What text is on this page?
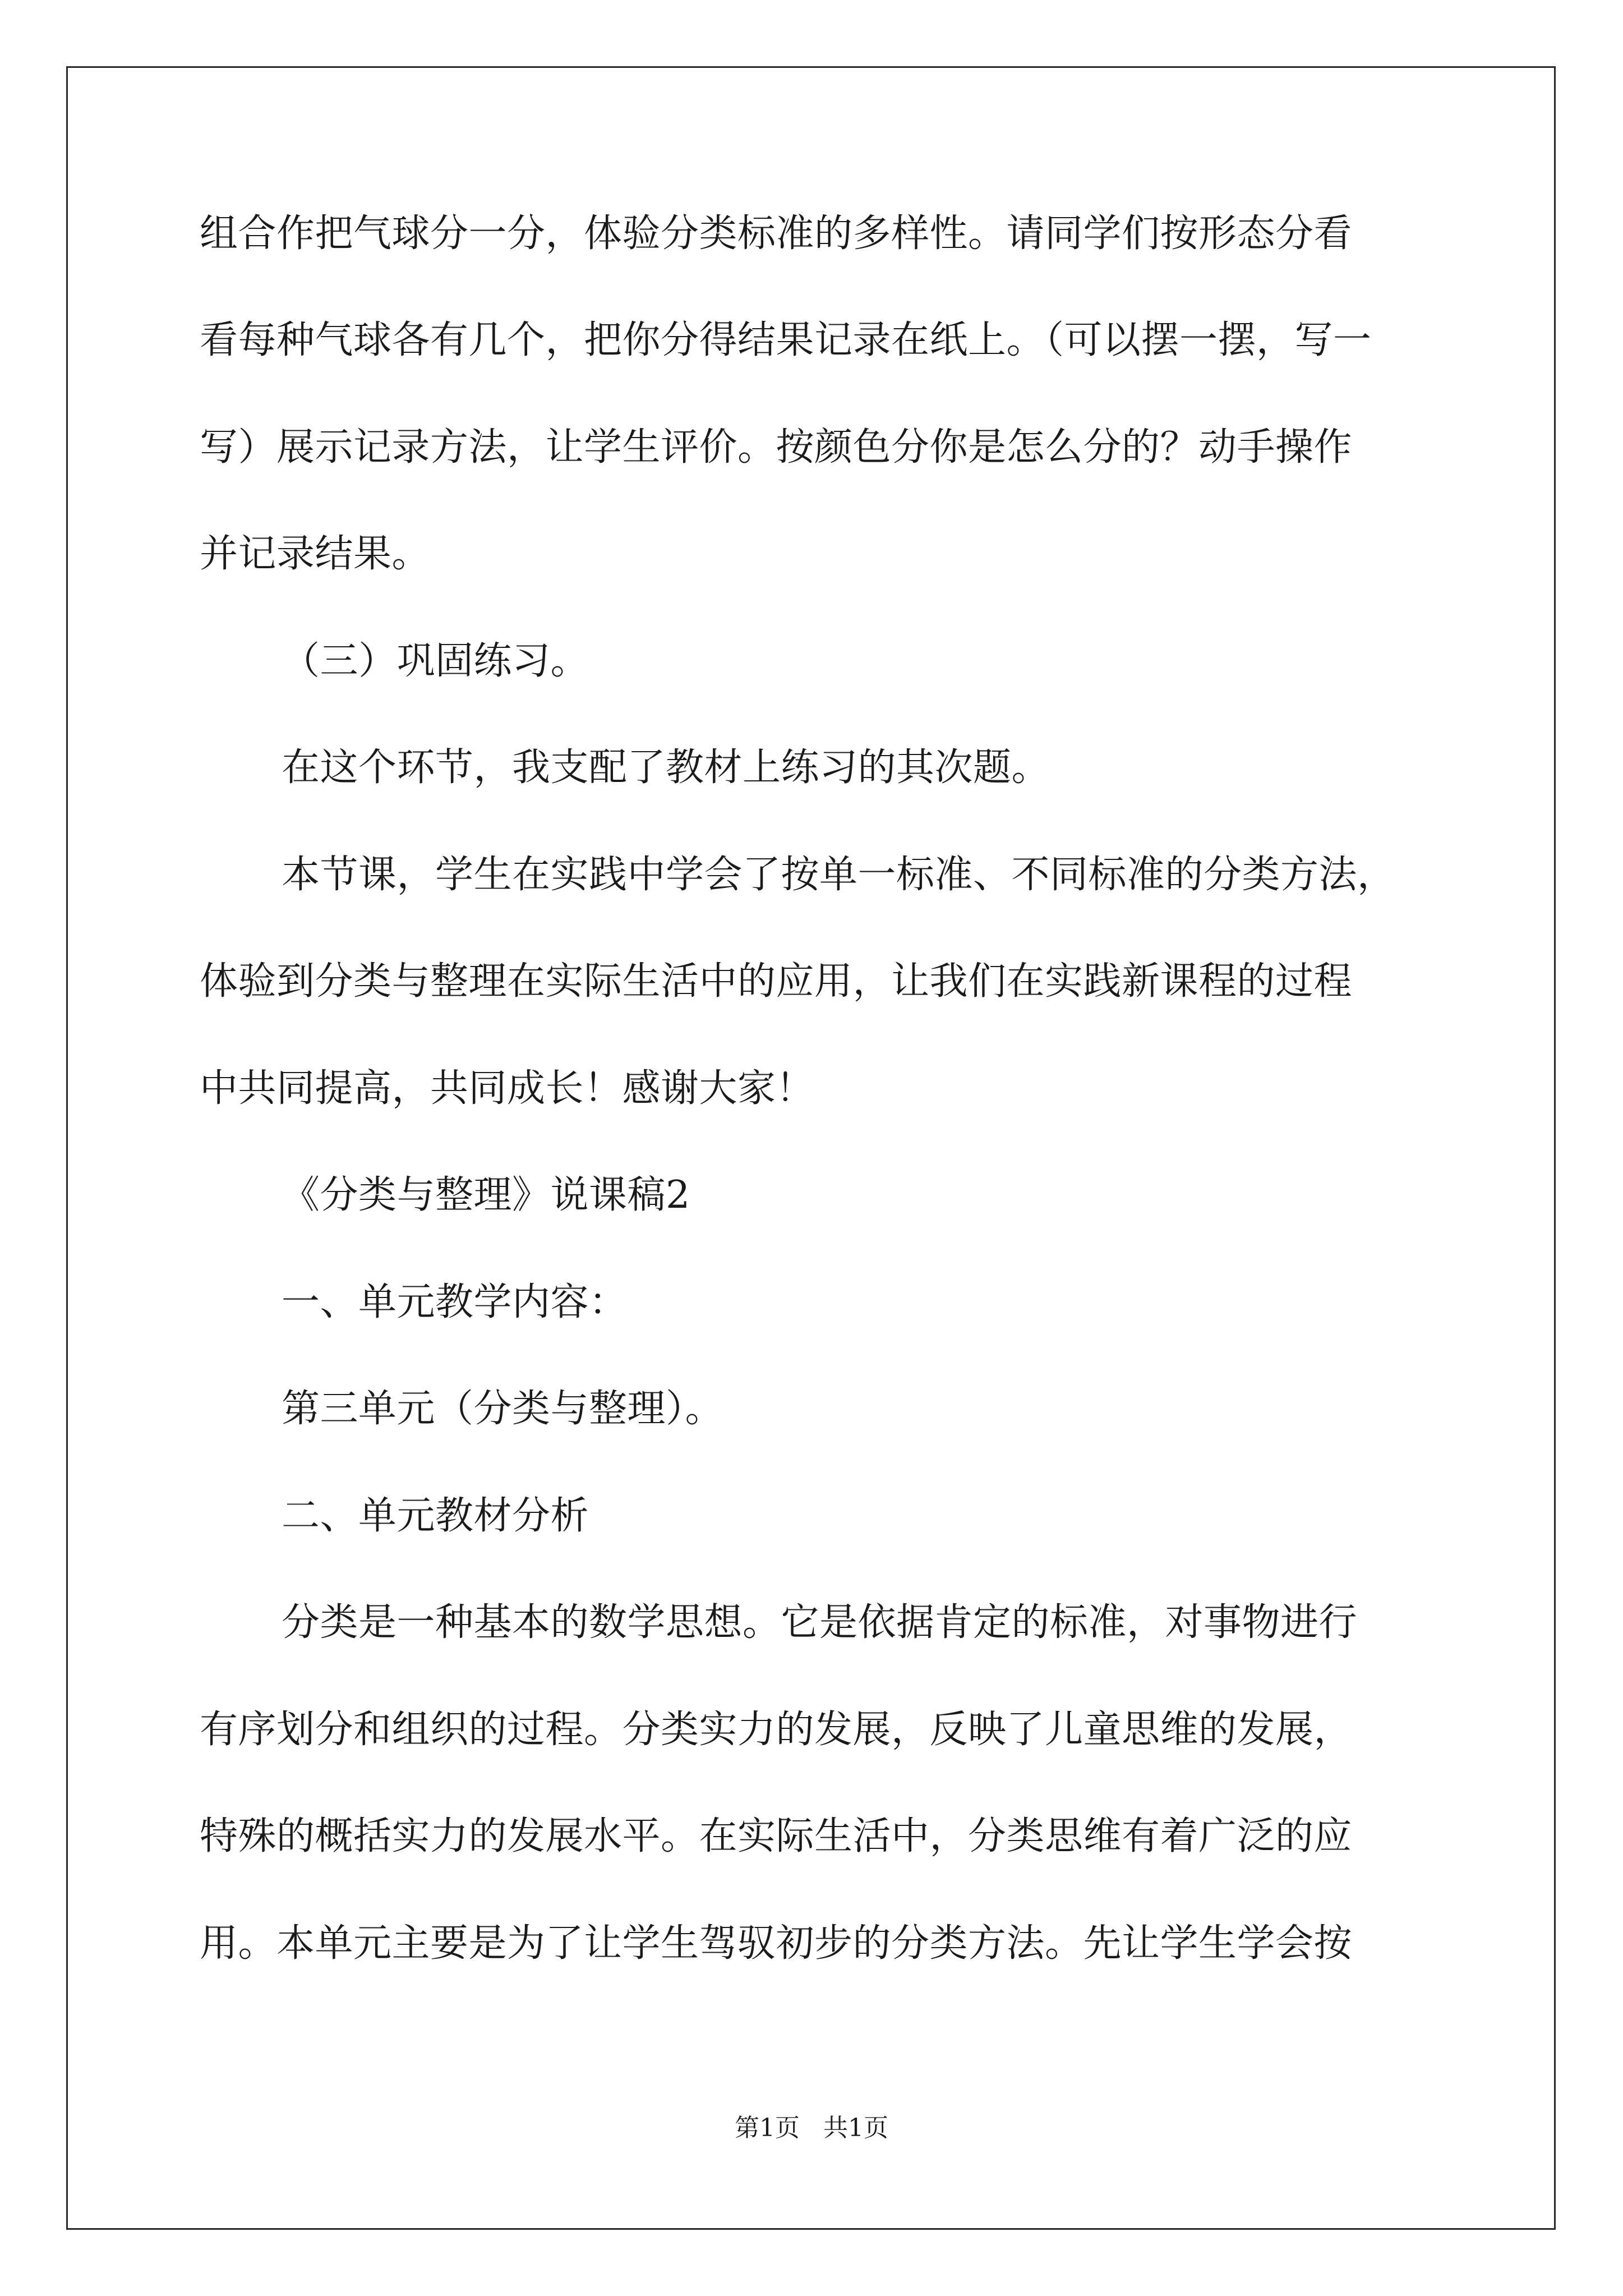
组合作把气球分一分，体验分类标准的多样性。请同学们按形态分看
看每种气球各有几个，把你分得结果记录在纸上。（可以摆一摆，写一
写）展示记录方法，让学生评价。按颜色分你是怎么分的？动手操作
并记录结果。
（三）巩固练习。
在这个环节，我支配了教材上练习的其次题。
本节课，学生在实践中学会了按单一标准、不同标准的分类方法，
体验到分类与整理在实际生活中的应用，让我们在实践新课程的过程
中共同提高，共同成长！感谢大家！
《分类与整理》说课稿2
一、单元教学内容：
第三单元（分类与整理）。
二、单元教材分析
分类是一种基本的数学思想。它是依据肯定的标准，对事物进行
有序划分和组织的过程。分类实力的发展，反映了儿童思维的发展，
特殊的概括实力的发展水平。在实际生活中，分类思维有着广泛的应
用。本单元主要是为了让学生驾驭初步的分类方法。先让学生学会按
第1页   共1页
